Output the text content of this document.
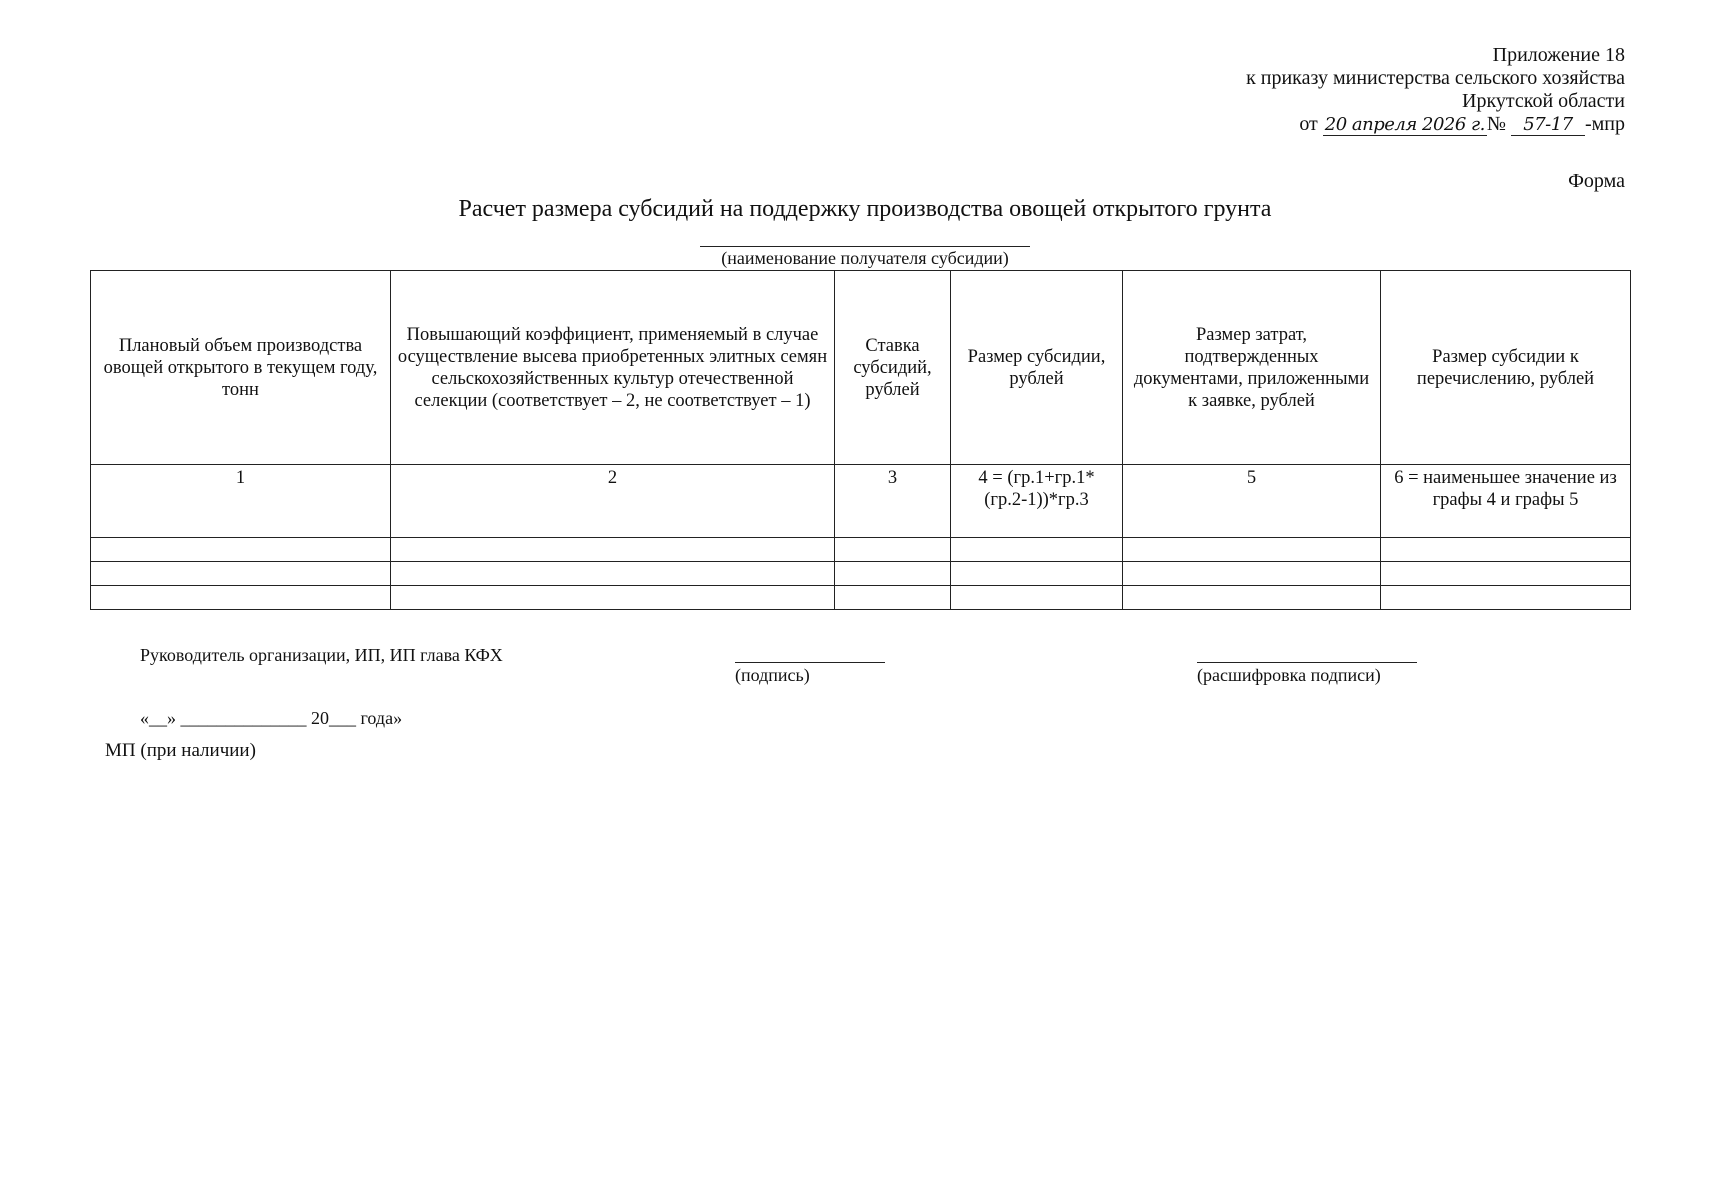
Приложение 18
к приказу министерства сельского хозяйства
Иркутской области
от
20 апреля 2026 г. №
57-17 -мпр
Форма
Расчет размера субсидий на поддержку производства овощей открытого грунта
(наименование получателя субсидии)
Плановый объем производства овощей открытого в текущем году, тонн	Повышающий коэффициент, применяемый в случае осуществление высева приобретенных элитных семян сельскохозяйственных культур отечественной селекции (соответствует – 2, не соответствует – 1)	Ставка субсидий, рублей	Размер субсидии, рублей	Размер затрат, подтвержденных документами, приложенными к заявке, рублей	Размер субсидии к перечислению, рублей
1	2	3	4 = (гр.1+гр.1*(гр.2-1))*гр.3	5	6 = наименьшее значение из графы 4 и графы 5

Руководитель организации, ИП, ИП глава КФХ
(подпись)	(расшифровка подписи)
«__» ______________ 20___ года»
МП (при наличии)
